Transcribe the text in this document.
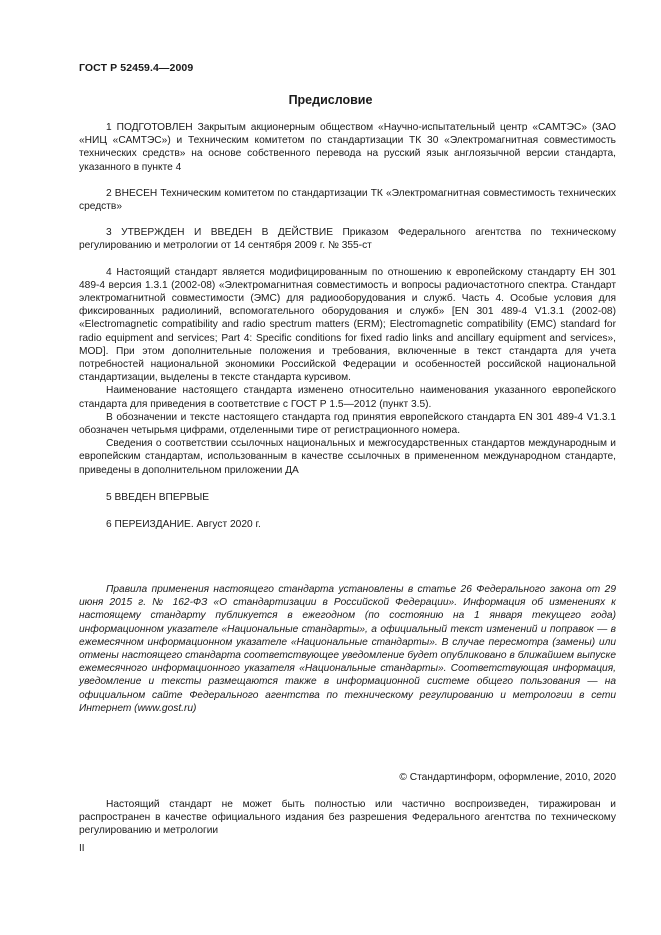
ГОСТ Р 52459.4—2009
Предисловие

1 ПОДГОТОВЛЕН Закрытым акционерным обществом «Научно-испытательный центр «САМТЭС» (ЗАО «НИЦ «САМТЭС») и Техническим комитетом по стандартизации ТК 30 «Электромагнитная совместимость технических средств» на основе собственного перевода на русский язык англоязычной версии стандарта, указанного в пункте 4

2 ВНЕСЕН Техническим комитетом по стандартизации ТК «Электромагнитная совместимость технических средств»

3 УТВЕРЖДЕН И ВВЕДЕН В ДЕЙСТВИЕ Приказом Федерального агентства по техническому регулированию и метрологии от 14 сентября 2009 г. № 355-ст

4 Настоящий стандарт является модифицированным по отношению к европейскому стандарту ЕН 301 489-4 версия 1.3.1 (2002-08) «Электромагнитная совместимость и вопросы радиочастотного спектра. Стандарт электромагнитной совместимости (ЭМС) для радиооборудования и служб. Часть 4. Особые условия для фиксированных радиолиний, вспомогательного оборудования и служб» [EN 301 489-4 V1.3.1 (2002-08) «Electromagnetic compatibility and radio spectrum matters (ERM); Electromagnetic compatibility (EMC) standard for radio equipment and services; Part 4: Specific conditions for fixed radio links and ancillary equipment and services», MOD]. При этом дополнительные положения и требования, включенные в текст стандарта для учета потребностей национальной экономики Российской Федерации и особенностей российской национальной стандартизации, выделены в тексте стандарта курсивом.

Наименование настоящего стандарта изменено относительно наименования указанного европейского стандарта для приведения в соответствие с ГОСТ Р 1.5—2012 (пункт 3.5).

В обозначении и тексте настоящего стандарта год принятия европейского стандарта EN 301 489-4 V1.3.1 обозначен четырьмя цифрами, отделенными тире от регистрационного номера.

Сведения о соответствии ссылочных национальных и межгосударственных стандартов международным и европейским стандартам, использованным в качестве ссылочных в примененном международном стандарте, приведены в дополнительном приложении ДА

5 ВВЕДЕН ВПЕРВЫЕ

6 ПЕРЕИЗДАНИЕ. Август 2020 г.

Правила применения настоящего стандарта установлены в статье 26 Федерального закона от 29 июня 2015 г. № 162-ФЗ «О стандартизации в Российской Федерации». Информация об изменениях к настоящему стандарту публикуется в ежегодном (по состоянию на 1 января текущего года) информационном указателе «Национальные стандарты», а официальный текст изменений и поправок — в ежемесячном информационном указателе «Национальные стандарты». В случае пересмотра (замены) или отмены настоящего стандарта соответствующее уведомление будет опубликовано в ближайшем выпуске ежемесячного информационного указателя «Национальные стандарты». Соответствующая информация, уведомление и тексты размещаются также в информационной системе общего пользования — на официальном сайте Федерального агентства по техническому регулированию и метрологии в сети Интернет (www.gost.ru)

© Стандартинформ, оформление, 2010, 2020

Настоящий стандарт не может быть полностью или частично воспроизведен, тиражирован и распространен в качестве официального издания без разрешения Федерального агентства по техническому регулированию и метрологии

II
